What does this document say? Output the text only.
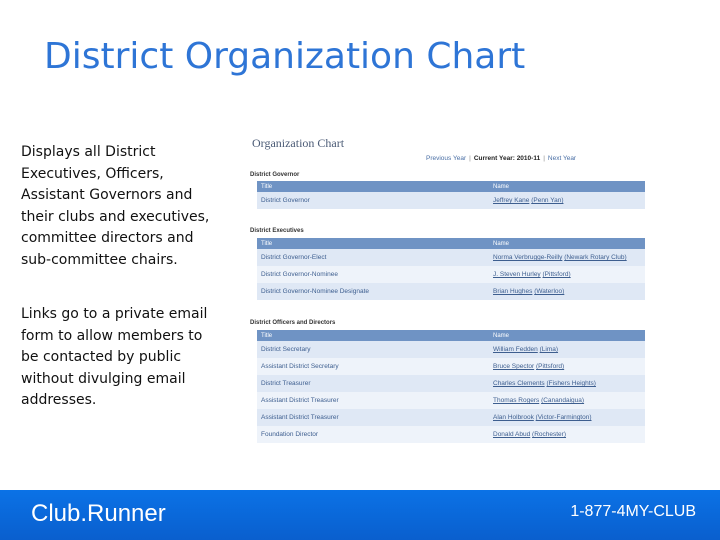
District Organization Chart
Displays all District Executives, Officers, Assistant Governors and their clubs and executives, committee directors and sub-committee chairs.
Links go to a private email form to allow members to be contacted by public without divulging email addresses.
Organization Chart
Previous Year | Current Year: 2010-11 | Next Year
District Governor
Title	Name
District Governor	Jeffrey Kane (Penn Yan)
District Executives
Title	Name
District Governor-Elect	Norma Verbrugge-Reilly (Newark Rotary Club)
District Governor-Nominee	J. Steven Hurley (Pittsford)
District Governor-Nominee Designate	Brian Hughes (Waterloo)
District Officers and Directors
Title	Name
District Secretary	William Fedden (Lima)
Assistant District Secretary	Bruce Spector (Pittsford)
District Treasurer	Charles Clements (Fishers Heights)
Assistant District Treasurer	Thomas Rogers (Canandaigua)
Assistant District Treasurer	Alan Holbrook (Victor-Farmington)
Foundation Director	Donald Abud (Rochester)
Club.Runner	1-877-4MY-CLUB
